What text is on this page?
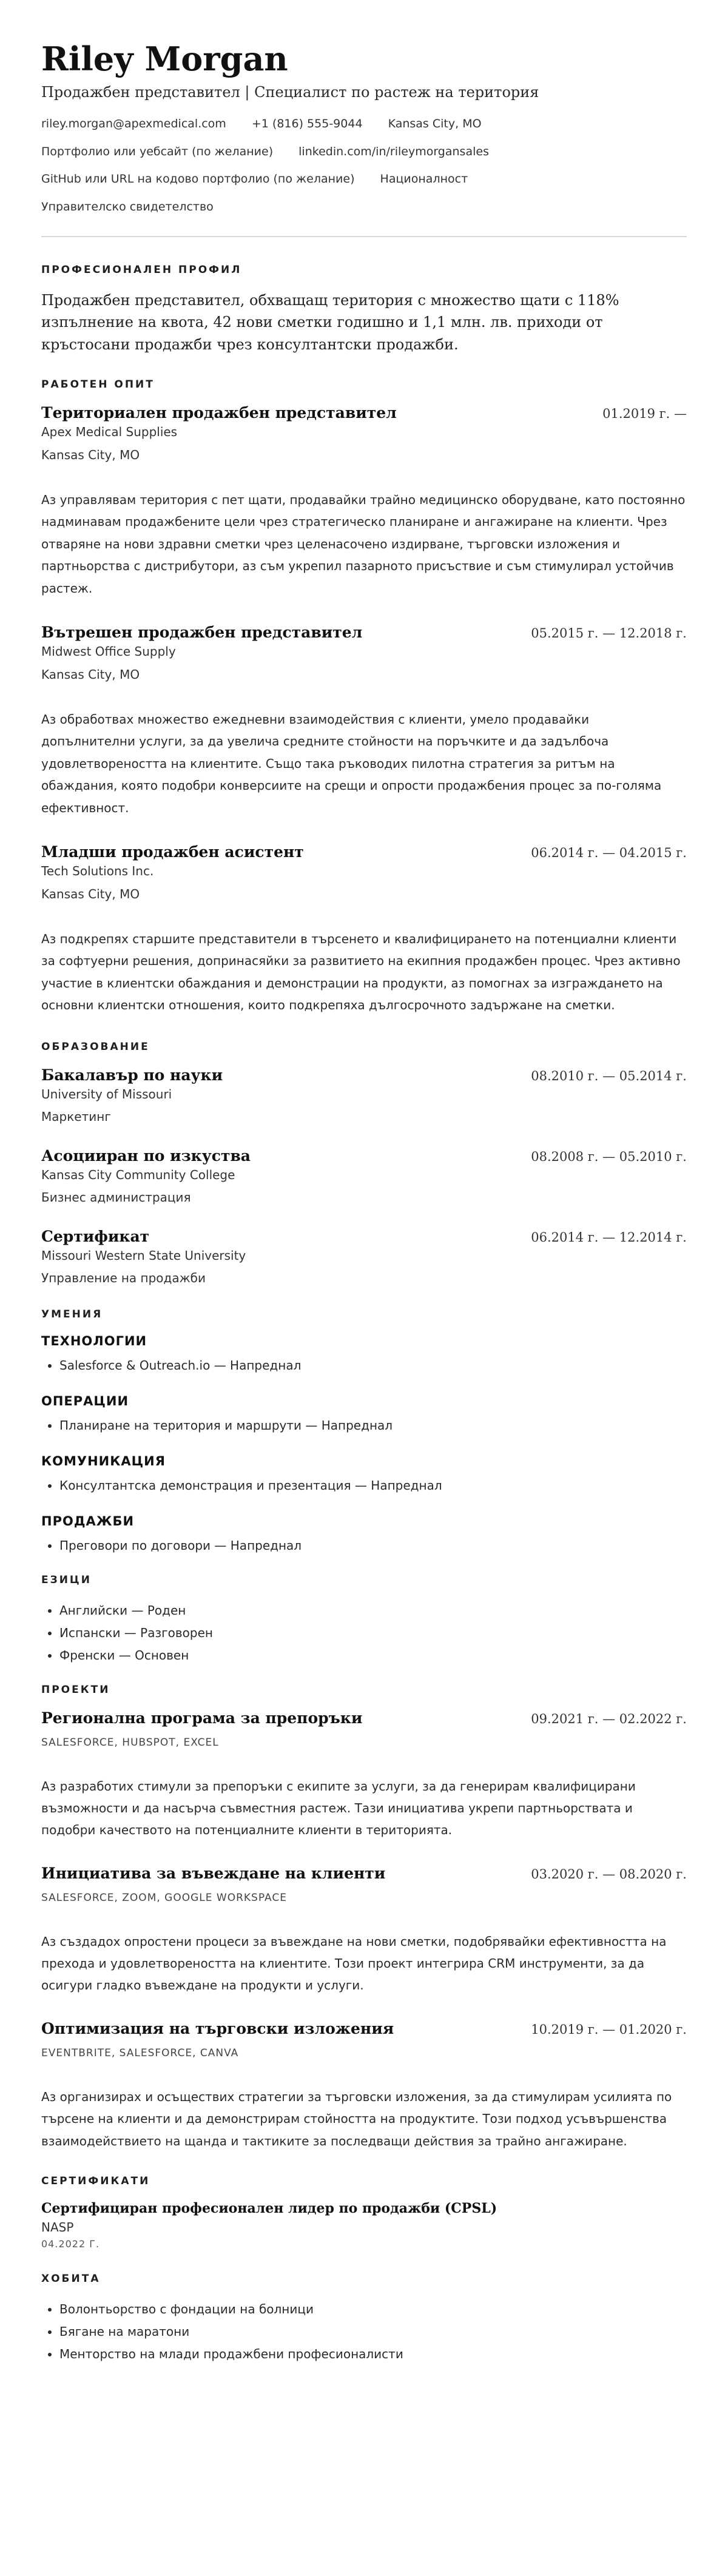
Riley Morgan
Продажбен представител | Специалист по растеж на територия
riley.morgan@apexmedical.com +1 (816) 555-9044 Kansas City, MO
Портфолио или уебсайт (по желание) linkedin.com/in/rileymorgansales
GitHub или URL на кодово портфолио (по желание) Националност
Управителско свидетелство
ПРОФЕСИОНАЛЕН ПРОФИЛ
Продажбен представител, обхващащ територия с множество щати с 118% изпълнение на квота, 42 нови сметки годишно и 1,1 млн. лв. приходи от кръстосани продажби чрез консултантски продажби.
РАБОТЕН ОПИТ
Териториален продажбен представител	01.2019 г. —
Apex Medical Supplies
Kansas City, MO
Аз управлявам територия с пет щати, продавайки трайно медицинско оборудване, като постоянно надминавам продажбените цели чрез стратегическо планиране и ангажиране на клиенти. Чрез отваряне на нови здравни сметки чрез целенасочено издирване, търговски изложения и партньорства с дистрибутори, аз съм укрепил пазарното присъствие и съм стимулирал устойчив растеж.
Вътрешен продажбен представител	05.2015 г. — 12.2018 г.
Midwest Office Supply
Kansas City, MO
Аз обработвах множество ежедневни взаимодействия с клиенти, умело продавайки допълнителни услуги, за да увелича средните стойности на поръчките и да задълбоча удовлетвореността на клиентите. Също така ръководих пилотна стратегия за ритъм на обаждания, която подобри конверсиите на срещи и опрости продажбения процес за по-голяма ефективност.
Младши продажбен асистент	06.2014 г. — 04.2015 г.
Tech Solutions Inc.
Kansas City, MO
Аз подкрепях старшите представители в търсенето и квалифицирането на потенциални клиенти за софтуерни решения, допринасяйки за развитието на екипния продажбен процес. Чрез активно участие в клиентски обаждания и демонстрации на продукти, аз помогнах за изграждането на основни клиентски отношения, които подкрепяха дългосрочното задържане на сметки.
ОБРАЗОВАНИЕ
Бакалавър по науки	08.2010 г. — 05.2014 г.
University of Missouri
Маркетинг
Асоцииран по изкуства	08.2008 г. — 05.2010 г.
Kansas City Community College
Бизнес администрация
Сертификат	06.2014 г. — 12.2014 г.
Missouri Western State University
Управление на продажби
УМЕНИЯ
ТЕХНОЛОГИИ
• Salesforce & Outreach.io — Напреднал
ОПЕРАЦИИ
• Планиране на територия и маршрути — Напреднал
КОМУНИКАЦИЯ
• Консултантска демонстрация и презентация — Напреднал
ПРОДАЖБИ
• Преговори по договори — Напреднал
ЕЗИЦИ
• Английски — Роден
• Испански — Разговорен
• Френски — Основен
ПРОЕКТИ
Регионална програма за препоръки	09.2021 г. — 02.2022 г.
SALESFORCE, HUBSPOT, EXCEL
Аз разработих стимули за препоръки с екипите за услуги, за да генерирам квалифицирани възможности и да насърча съвместния растеж. Тази инициатива укрепи партньорствата и подобри качеството на потенциалните клиенти в територията.
Инициатива за въвеждане на клиенти	03.2020 г. — 08.2020 г.
SALESFORCE, ZOOM, GOOGLE WORKSPACE
Аз създадох опростени процеси за въвеждане на нови сметки, подобрявайки ефективността на прехода и удовлетвореността на клиентите. Този проект интегрира CRM инструменти, за да осигури гладко въвеждане на продукти и услуги.
Оптимизация на търговски изложения	10.2019 г. — 01.2020 г.
EVENTBRITE, SALESFORCE, CANVA
Аз организирах и осъществих стратегии за търговски изложения, за да стимулирам усилията по търсене на клиенти и да демонстрирам стойността на продуктите. Този подход усъвършенства взаимодействието на щанда и тактиките за последващи действия за трайно ангажиране.
СЕРТИФИКАТИ
Сертифициран професионален лидер по продажби (CPSL)
NASP
04.2022 Г.
ХОБИТА
• Волонтьорство с фондации на болници
• Бягане на маратони
• Менторство на млади продажбени професионалисти
